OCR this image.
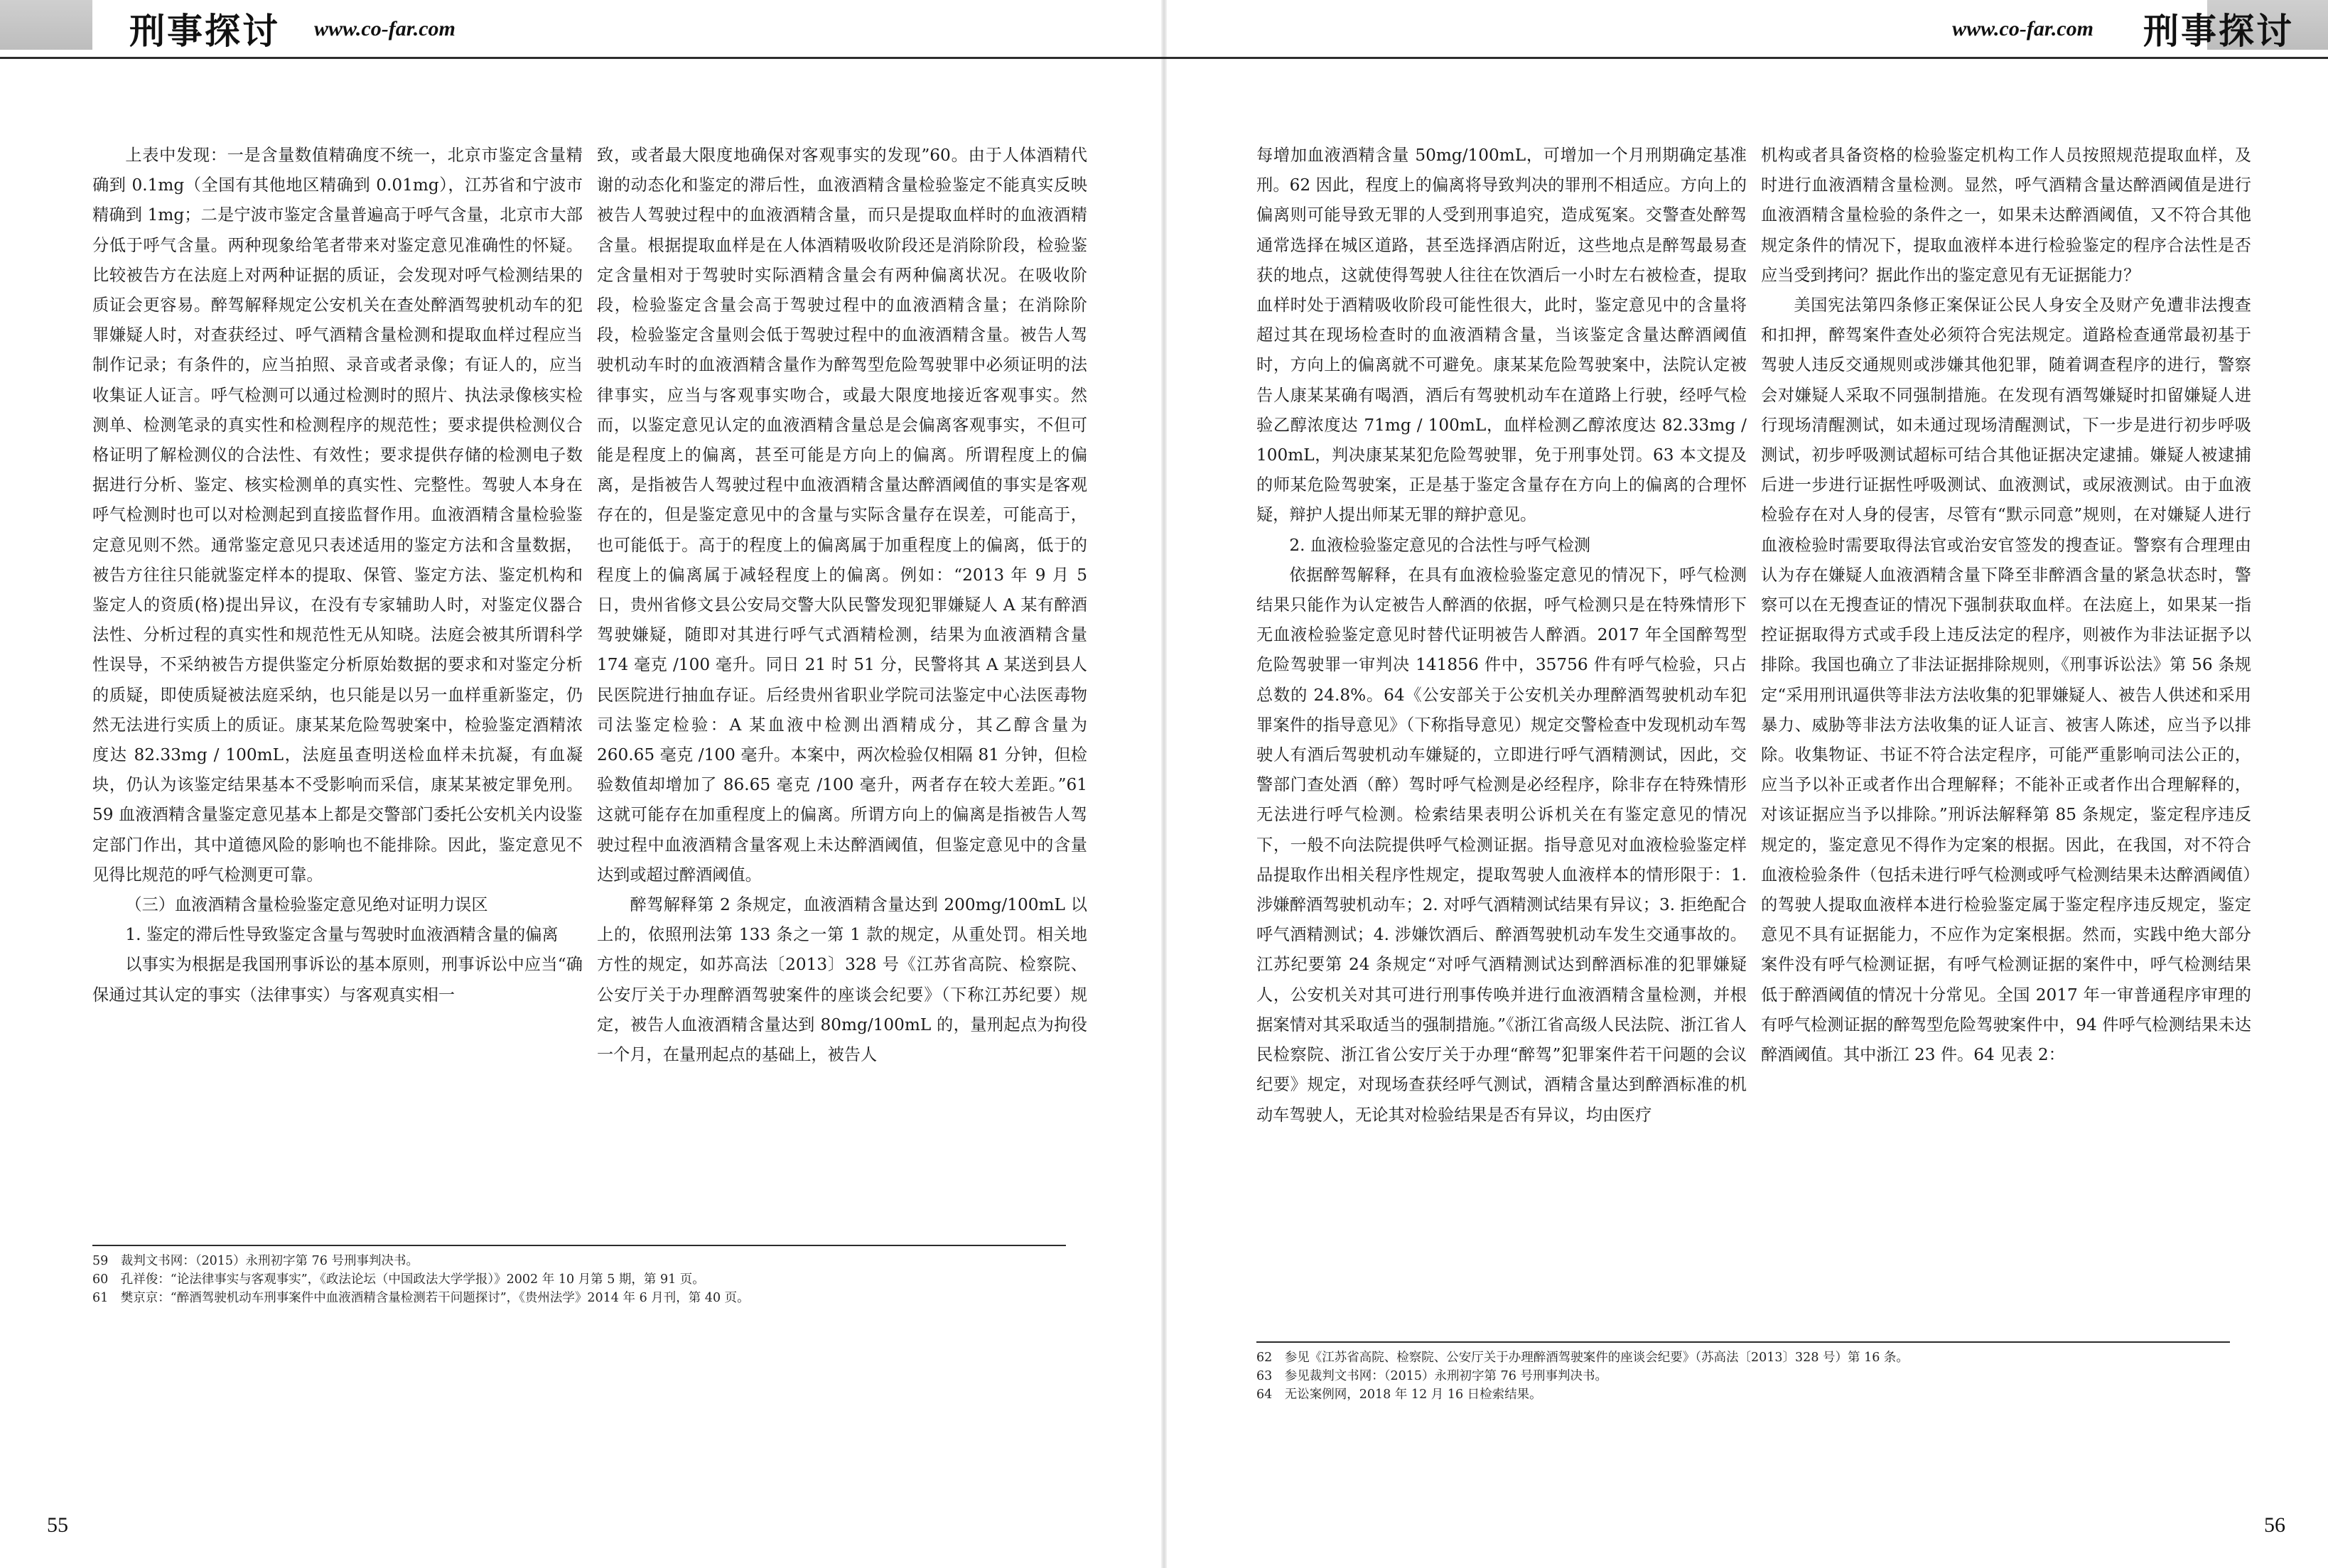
刑事探讨 www.co-far.com

上表中发现：一是含量数值精确度不统一，北京市鉴定含量精确到 0.1mg（全国有其他地区精确到 0.01mg），江苏省和宁波市精确到 1mg；二是宁波市鉴定含量普遍高于呼气含量，北京市大部分低于呼气含量。两种现象给笔者带来对鉴定意见准确性的怀疑。比较被告方在法庭上对两种证据的质证，会发现对呼气检测结果的质证会更容易。醉驾解释规定公安机关在查处醉酒驾驶机动车的犯罪嫌疑人时，对查获经过、呼气酒精含量检测和提取血样过程应当制作记录；有条件的，应当拍照、录音或者录像；有证人的，应当收集证人证言。呼气检测可以通过检测时的照片、执法录像核实检测单、检测笔录的真实性和检测程序的规范性；要求提供检测仪合格证明了解检测仪的合法性、有效性；要求提供存储的检测电子数据进行分析、鉴定、核实检测单的真实性、完整性。驾驶人本身在呼气检测时也可以对检测起到直接监督作用。血液酒精含量检验鉴定意见则不然。通常鉴定意见只表述适用的鉴定方法和含量数据，被告方往往只能就鉴定样本的提取、保管、鉴定方法、鉴定机构和鉴定人的资质(格)提出异议，在没有专家辅助人时，对鉴定仪器合法性、分析过程的真实性和规范性无从知晓。法庭会被其所谓科学性误导，不采纳被告方提供鉴定分析原始数据的要求和对鉴定分析的质疑，即使质疑被法庭采纳，也只能是以另一血样重新鉴定，仍然无法进行实质上的质证。康某某危险驾驶案中，检验鉴定酒精浓度达 82.33mg / 100mL，法庭虽查明送检血样未抗凝，有血凝块，仍认为该鉴定结果基本不受影响而采信，康某某被定罪免刑。59 血液酒精含量鉴定意见基本上都是交警部门委托公安机关内设鉴定部门作出，其中道德风险的影响也不能排除。因此，鉴定意见不见得比规范的呼气检测更可靠。

（三）血液酒精含量检验鉴定意见绝对证明力误区

1. 鉴定的滞后性导致鉴定含量与驾驶时血液酒精含量的偏离

以事实为根据是我国刑事诉讼的基本原则，刑事诉讼中应当“确保通过其认定的事实（法律事实）与客观真实相一

致，或者最大限度地确保对客观事实的发现”60。由于人体酒精代谢的动态化和鉴定的滞后性，血液酒精含量检验鉴定不能真实反映被告人驾驶过程中的血液酒精含量，而只是提取血样时的血液酒精含量。根据提取血样是在人体酒精吸收阶段还是消除阶段，检验鉴定含量相对于驾驶时实际酒精含量会有两种偏离状况。在吸收阶段，检验鉴定含量会高于驾驶过程中的血液酒精含量；在消除阶段，检验鉴定含量则会低于驾驶过程中的血液酒精含量。被告人驾驶机动车时的血液酒精含量作为醉驾型危险驾驶罪中必须证明的法律事实，应当与客观事实吻合，或最大限度地接近客观事实。然而，以鉴定意见认定的血液酒精含量总是会偏离客观事实，不但可能是程度上的偏离，甚至可能是方向上的偏离。所谓程度上的偏离，是指被告人驾驶过程中血液酒精含量达醉酒阈值的事实是客观存在的，但是鉴定意见中的含量与实际含量存在误差，可能高于，也可能低于。高于的程度上的偏离属于加重程度上的偏离，低于的程度上的偏离属于减轻程度上的偏离。例如：“2013 年 9 月 5 日，贵州省修文县公安局交警大队民警发现犯罪嫌疑人 A 某有醉酒驾驶嫌疑，随即对其进行呼气式酒精检测，结果为血液酒精含量 174 毫克 /100 毫升。同日 21 时 51 分，民警将其 A 某送到县人民医院进行抽血存证。后经贵州省职业学院司法鉴定中心法医毒物司法鉴定检验：A 某血液中检测出酒精成分，其乙醇含量为 260.65 毫克 /100 毫升。本案中，两次检验仅相隔 81 分钟，但检验数值却增加了 86.65 毫克 /100 毫升，两者存在较大差距。”61 这就可能存在加重程度上的偏离。所谓方向上的偏离是指被告人驾驶过程中血液酒精含量客观上未达醉酒阈值，但鉴定意见中的含量达到或超过醉酒阈值。

醉驾解释第 2 条规定，血液酒精含量达到 200mg/100mL 以上的，依照刑法第 133 条之一第 1 款的规定，从重处罚。相关地方性的规定，如苏高法〔2013〕328 号《江苏省高院、检察院、公安厅关于办理醉酒驾驶案件的座谈会纪要》（下称江苏纪要）规定，被告人血液酒精含量达到 80mg/100mL 的，量刑起点为拘役一个月，在量刑起点的基础上，被告人

59　裁判文书网：（2015）永刑初字第 76 号刑事判决书。
60　孔祥俊：“论法律事实与客观事实”，《政法论坛（中国政法大学学报）》2002 年 10 月第 5 期，第 91 页。
61　樊京京：“醉酒驾驶机动车刑事案件中血液酒精含量检测若干问题探讨”，《贵州法学》2014 年 6 月刊，第 40 页。
55
www.co-far.com 刑事探讨

每增加血液酒精含量 50mg/100mL，可增加一个月刑期确定基准刑。62 因此，程度上的偏离将导致判决的罪刑不相适应。方向上的偏离则可能导致无罪的人受到刑事追究，造成冤案。交警查处醉驾通常选择在城区道路，甚至选择酒店附近，这些地点是醉驾最易查获的地点，这就使得驾驶人往往在饮酒后一小时左右被检查，提取血样时处于酒精吸收阶段可能性很大，此时，鉴定意见中的含量将超过其在现场检查时的血液酒精含量，当该鉴定含量达醉酒阈值时，方向上的偏离就不可避免。康某某危险驾驶案中，法院认定被告人康某某确有喝酒，酒后有驾驶机动车在道路上行驶，经呼气检验乙醇浓度达 71mg / 100mL，血样检测乙醇浓度达 82.33mg / 100mL，判决康某某犯危险驾驶罪，免于刑事处罚。63 本文提及的师某危险驾驶案，正是基于鉴定含量存在方向上的偏离的合理怀疑，辩护人提出师某无罪的辩护意见。

2. 血液检验鉴定意见的合法性与呼气检测

依据醉驾解释，在具有血液检验鉴定意见的情况下，呼气检测结果只能作为认定被告人醉酒的依据，呼气检测只是在特殊情形下无血液检验鉴定意见时替代证明被告人醉酒。2017 年全国醉驾型危险驾驶罪一审判决 141856 件中，35756 件有呼气检验，只占总数的 24.8%。64《公安部关于公安机关办理醉酒驾驶机动车犯罪案件的指导意见》（下称指导意见）规定交警检查中发现机动车驾驶人有酒后驾驶机动车嫌疑的，立即进行呼气酒精测试，因此，交警部门查处酒（醉）驾时呼气检测是必经程序，除非存在特殊情形无法进行呼气检测。检索结果表明公诉机关在有鉴定意见的情况下，一般不向法院提供呼气检测证据。指导意见对血液检验鉴定样品提取作出相关程序性规定，提取驾驶人血液样本的情形限于：1. 涉嫌醉酒驾驶机动车；2. 对呼气酒精测试结果有异议；3. 拒绝配合呼气酒精测试；4. 涉嫌饮酒后、醉酒驾驶机动车发生交通事故的。江苏纪要第 24 条规定“对呼气酒精测试达到醉酒标准的犯罪嫌疑人，公安机关对其可进行刑事传唤并进行血液酒精含量检测，并根据案情对其采取适当的强制措施。”《浙江省高级人民法院、浙江省人民检察院、浙江省公安厅关于办理“醉驾”犯罪案件若干问题的会议纪要》规定，对现场查获经呼气测试，酒精含量达到醉酒标准的机动车驾驶人，无论其对检验结果是否有异议，均由医疗

机构或者具备资格的检验鉴定机构工作人员按照规范提取血样，及时进行血液酒精含量检测。显然，呼气酒精含量达醉酒阈值是进行血液酒精含量检验的条件之一，如果未达醉酒阈值，又不符合其他规定条件的情况下，提取血液样本进行检验鉴定的程序合法性是否应当受到拷问？据此作出的鉴定意见有无证据能力？

美国宪法第四条修正案保证公民人身安全及财产免遭非法搜查和扣押，醉驾案件查处必须符合宪法规定。道路检查通常最初基于驾驶人违反交通规则或涉嫌其他犯罪，随着调查程序的进行，警察会对嫌疑人采取不同强制措施。在发现有酒驾嫌疑时扣留嫌疑人进行现场清醒测试，如未通过现场清醒测试，下一步是进行初步呼吸测试，初步呼吸测试超标可结合其他证据决定逮捕。嫌疑人被逮捕后进一步进行证据性呼吸测试、血液测试，或尿液测试。由于血液检验存在对人身的侵害，尽管有“默示同意”规则，在对嫌疑人进行血液检验时需要取得法官或治安官签发的搜查证。警察有合理理由认为存在嫌疑人血液酒精含量下降至非醉酒含量的紧急状态时，警察可以在无搜查证的情况下强制获取血样。在法庭上，如果某一指控证据取得方式或手段上违反法定的程序，则被作为非法证据予以排除。我国也确立了非法证据排除规则，《刑事诉讼法》第 56 条规定“采用刑讯逼供等非法方法收集的犯罪嫌疑人、被告人供述和采用暴力、威胁等非法方法收集的证人证言、被害人陈述，应当予以排除。收集物证、书证不符合法定程序，可能严重影响司法公正的，应当予以补正或者作出合理解释；不能补正或者作出合理解释的，对该证据应当予以排除。”刑诉法解释第 85 条规定，鉴定程序违反规定的，鉴定意见不得作为定案的根据。因此，在我国，对不符合血液检验条件（包括未进行呼气检测或呼气检测结果未达醉酒阈值）的驾驶人提取血液样本进行检验鉴定属于鉴定程序违反规定，鉴定意见不具有证据能力，不应作为定案根据。然而，实践中绝大部分案件没有呼气检测证据，有呼气检测证据的案件中，呼气检测结果低于醉酒阈值的情况十分常见。全国 2017 年一审普通程序审理的有呼气检测证据的醉驾型危险驾驶案件中，94 件呼气检测结果未达醉酒阈值。其中浙江 23 件。64 见表 2：

62　参见《江苏省高院、检察院、公安厅关于办理醉酒驾驶案件的座谈会纪要》（苏高法〔2013〕328 号）第 16 条。
63　参见裁判文书网：（2015）永刑初字第 76 号刑事判决书。
64　无讼案例网，2018 年 12 月 16 日检索结果。
56
